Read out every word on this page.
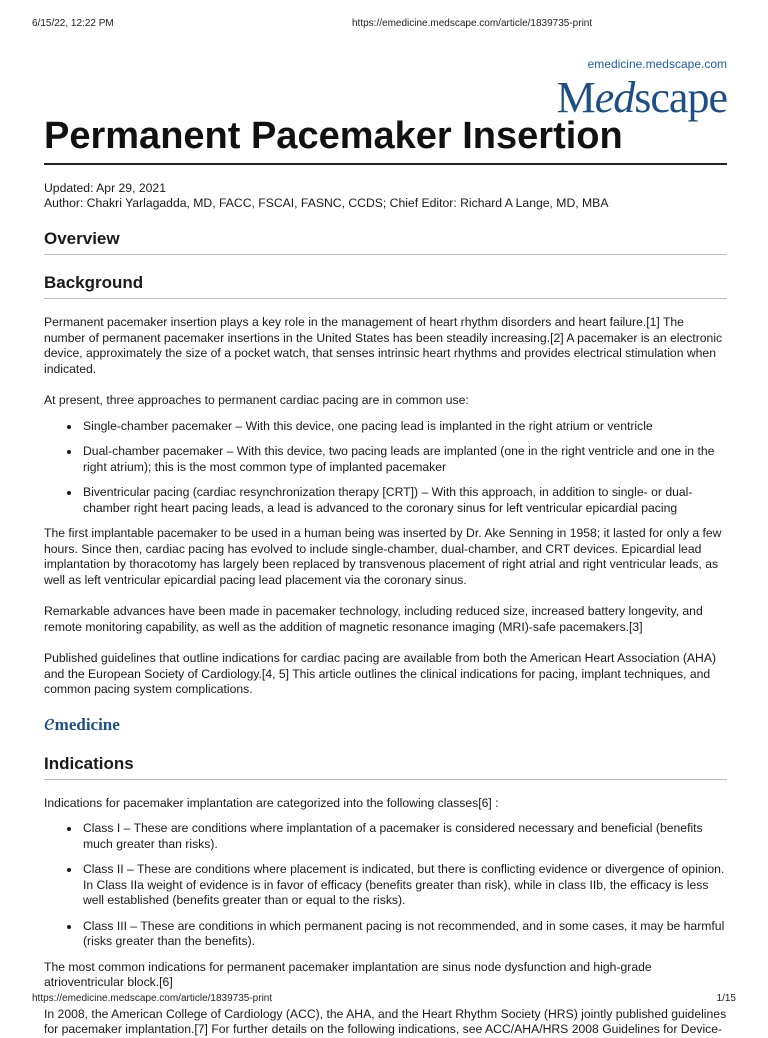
6/15/22, 12:22 PM	https://emedicine.medscape.com/article/1839735-print
emedicine.medscape.com
Medscape
Permanent Pacemaker Insertion
Updated: Apr 29, 2021
Author: Chakri Yarlagadda, MD, FACC, FSCAI, FASNC, CCDS; Chief Editor: Richard A Lange, MD, MBA
Overview
Background

Permanent pacemaker insertion plays a key role in the management of heart rhythm disorders and heart failure.[1] The number of permanent pacemaker insertions in the United States has been steadily increasing.[2] A pacemaker is an electronic device, approximately the size of a pocket watch, that senses intrinsic heart rhythms and provides electrical stimulation when indicated.

At present, three approaches to permanent cardiac pacing are in common use:

• Single-chamber pacemaker – With this device, one pacing lead is implanted in the right atrium or ventricle
• Dual-chamber pacemaker – With this device, two pacing leads are implanted (one in the right ventricle and one in the right atrium); this is the most common type of implanted pacemaker
• Biventricular pacing (cardiac resynchronization therapy [CRT]) – With this approach, in addition to single- or dual-chamber right heart pacing leads, a lead is advanced to the coronary sinus for left ventricular epicardial pacing

The first implantable pacemaker to be used in a human being was inserted by Dr. Ake Senning in 1958; it lasted for only a few hours. Since then, cardiac pacing has evolved to include single-chamber, dual-chamber, and CRT devices. Epicardial lead implantation by thoracotomy has largely been replaced by transvenous placement of right atrial and right ventricular leads, as well as left ventricular epicardial pacing lead placement via the coronary sinus.

Remarkable advances have been made in pacemaker technology, including reduced size, increased battery longevity, and remote monitoring capability, as well as the addition of magnetic resonance imaging (MRI)-safe pacemakers.[3]

Published guidelines that outline indications for cardiac pacing are available from both the American Heart Association (AHA) and the European Society of Cardiology.[4, 5] This article outlines the clinical indications for pacing, implant techniques, and common pacing system complications.

emedicine
Indications

Indications for pacemaker implantation are categorized into the following classes[6] :

• Class I – These are conditions where implantation of a pacemaker is considered necessary and beneficial (benefits much greater than risks).
• Class II – These are conditions where placement is indicated, but there is conflicting evidence or divergence of opinion. In Class IIa weight of evidence is in favor of efficacy (benefits greater than risk), while in class IIb, the efficacy is less well established (benefits greater than or equal to the risks).
• Class III – These are conditions in which permanent pacing is not recommended, and in some cases, it may be harmful (risks greater than the benefits).

The most common indications for permanent pacemaker implantation are sinus node dysfunction and high-grade atrioventricular block.[6]

In 2008, the American College of Cardiology (ACC), the AHA, and the Heart Rhythm Society (HRS) jointly published guidelines for pacemaker implantation.[7] For further details on the following indications, see ACC/AHA/HRS 2008 Guidelines for Device-

https://emedicine.medscape.com/article/1839735-print	1/15
